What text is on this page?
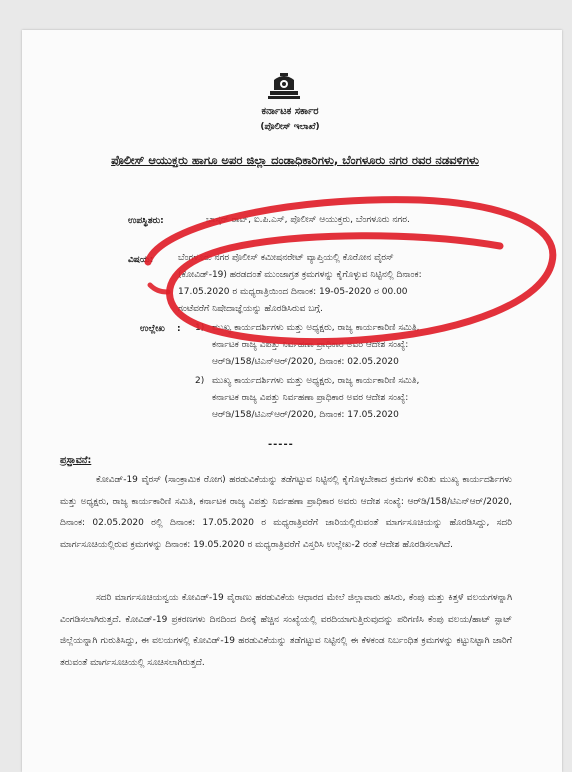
ಕರ್ನಾಟಕ ಸರ್ಕಾರ
(ಪೊಲೀಸ್ ಇಲಾಖೆ)
ಪೊಲೀಸ್ ಆಯುಕ್ತರು ಹಾಗೂ ಅಪರ ಜಿಲ್ಲಾ ದಂಡಾಧಿಕಾರಿಗಳು, ಬೆಂಗಳೂರು ನಗರ ರವರ ನಡವಳಿಗಳು
ಉಪಸ್ಥಿತರು:	ಭಾಸ್ಕರ್ ರಾವ್, ಐ.ಪಿ.ಎಸ್, ಪೊಲೀಸ್ ಆಯುಕ್ತರು, ಬೆಂಗಳೂರು ನಗರ.
ವಿಷಯ:	ಬೆಂಗಳೂರು ನಗರ ಪೊಲೀಸ್ ಕಮೀಷನರೇಟ್ ವ್ಯಾಪ್ತಿಯಲ್ಲಿ ಕೊರೋನ ವೈರಸ್
(ಕೋವಿಡ್-19) ಹರಡದಂತೆ ಮುಂಜಾಗ್ರತ ಕ್ರಮಗಳನ್ನು ಕೈಗೊಳ್ಳುವ ನಿಟ್ಟಿನಲ್ಲಿ ದಿನಾಂಕ:
17.05.2020 ರ ಮಧ್ಯರಾತ್ರಿಯಿಂದ ದಿನಾಂಕ: 19-05-2020 ರ 00.00
ಗಂಟೆವರೆಗೆ ನಿಷೇದಾಜ್ಞೆಯನ್ನು ಹೊರಡಿಸಿರುವ ಬಗ್ಗೆ.
ಉಲ್ಲೇಖ : 1) ಮುಖ್ಯ ಕಾರ್ಯದರ್ಶಿಗಳು ಮತ್ತು ಅಧ್ಯಕ್ಷರು, ರಾಜ್ಯ ಕಾರ್ಯಕಾರಿಣಿ ಸಮಿತಿ,
ಕರ್ನಾಟಕ ರಾಜ್ಯ ವಿಪತ್ತು ನಿರ್ವಹಣಾ ಪ್ರಾಧಿಕಾರ ಅವರ ಆದೇಶ ಸಂಖ್ಯೆ:
ಆರ್‌ಡಿ/158/ಟಿಎನ್‌ಆರ್/2020, ದಿನಾಂಕ: 02.05.2020
2) ಮುಖ್ಯ ಕಾರ್ಯದರ್ಶಿಗಳು ಮತ್ತು ಅಧ್ಯಕ್ಷರು, ರಾಜ್ಯ ಕಾರ್ಯಕಾರಿಣಿ ಸಮಿತಿ,
ಕರ್ನಾಟಕ ರಾಜ್ಯ ವಿಪತ್ತು ನಿರ್ವಹಣಾ ಪ್ರಾಧಿಕಾರ ಅವರ ಆದೇಶ ಸಂಖ್ಯೆ:
ಆರ್‌ಡಿ/158/ಟಿಎನ್‌ಆರ್/2020, ದಿನಾಂಕ: 17.05.2020
-----
ಪ್ರಸ್ತಾವನೆ:
ಕೋವಿಡ್-19 ವೈರಸ್ (ಸಾಂಕ್ರಾಮಿಕ ರೋಗ) ಹರಡುವಿಕೆಯನ್ನು ತಡೆಗಟ್ಟುವ ನಿಟ್ಟಿನಲ್ಲಿ ಕೈಗೊಳ್ಳಬೇಕಾದ ಕ್ರಮಗಳ ಕುರಿತು ಮುಖ್ಯ ಕಾರ್ಯದರ್ಶಿಗಳು ಮತ್ತು ಅಧ್ಯಕ್ಷರು, ರಾಜ್ಯ ಕಾರ್ಯಕಾರಿಣಿ ಸಮಿತಿ, ಕರ್ನಾಟಕ ರಾಜ್ಯ ವಿಪತ್ತು ನಿರ್ವಹಣಾ ಪ್ರಾಧಿಕಾರ ಅವರು ಆದೇಶ ಸಂಖ್ಯೆ: ಆರ್‌ಡಿ/158/ಟಿಎನ್‌ಆರ್/2020, ದಿನಾಂಕ: 02.05.2020 ರಲ್ಲಿ ದಿನಾಂಕ: 17.05.2020 ರ ಮಧ್ಯರಾತ್ರಿವರೆಗೆ ಜಾರಿಯಲ್ಲಿರುವಂತೆ ಮಾರ್ಗಸೂಚಿಯನ್ನು ಹೊರಡಿಸಿದ್ದು, ಸದರಿ ಮಾರ್ಗಸೂಚಿಯಲ್ಲಿರುವ ಕ್ರಮಗಳನ್ನು ದಿನಾಂಕ: 19.05.2020 ರ ಮಧ್ಯರಾತ್ರಿವರೆಗೆ ವಿಸ್ತರಿಸಿ ಉಲ್ಲೇಖ-2 ರಂತೆ ಆದೇಶ ಹೊರಡಿಸಲಾಗಿದೆ.
ಸದರಿ ಮಾರ್ಗಸೂಚಿಯನ್ವಯ ಕೋವಿಡ್-19 ವೈರಾಣು ಹರಡುವಿಕೆಯ ಆಧಾರದ ಮೇಲೆ ಜಿಲ್ಲಾವಾರು ಹಸಿರು, ಕೆಂಪು ಮತ್ತು ಕಿತ್ತಳೆ ವಲಯಗಳನ್ನಾಗಿ ವಿಂಗಡಿಸಲಾಗಿರುತ್ತದೆ. ಕೋವಿಡ್-19 ಪ್ರಕರಣಗಳು ದಿನದಿಂದ ದಿನಕ್ಕೆ ಹೆಚ್ಚಿನ ಸಂಖ್ಯೆಯಲ್ಲಿ ವರದಿಯಾಗುತ್ತಿರುವುದನ್ನು ಪರಿಗಣಿಸಿ ಕೆಂಪು ವಲಯ/ಹಾಟ್ ಸ್ಪಾಟ್ ಜಿಲ್ಲೆಯನ್ನಾಗಿ ಗುರುತಿಸಿದ್ದು, ಈ ವಲಯಗಳಲ್ಲಿ ಕೋವಿಡ್-19 ಹರಡುವಿಕೆಯನ್ನು ತಡೆಗಟ್ಟುವ ನಿಟ್ಟಿನಲ್ಲಿ ಈ ಕೆಳಕಂಡ ನಿರ್ಬಂಧಿತ ಕ್ರಮಗಳನ್ನು ಕಟ್ಟುನಿಟ್ಟಾಗಿ ಜಾರಿಗೆ ತರುವಂತೆ ಮಾರ್ಗಸೂಚಿಯಲ್ಲಿ ಸೂಚಿಸಲಾಗಿರುತ್ತದೆ.
